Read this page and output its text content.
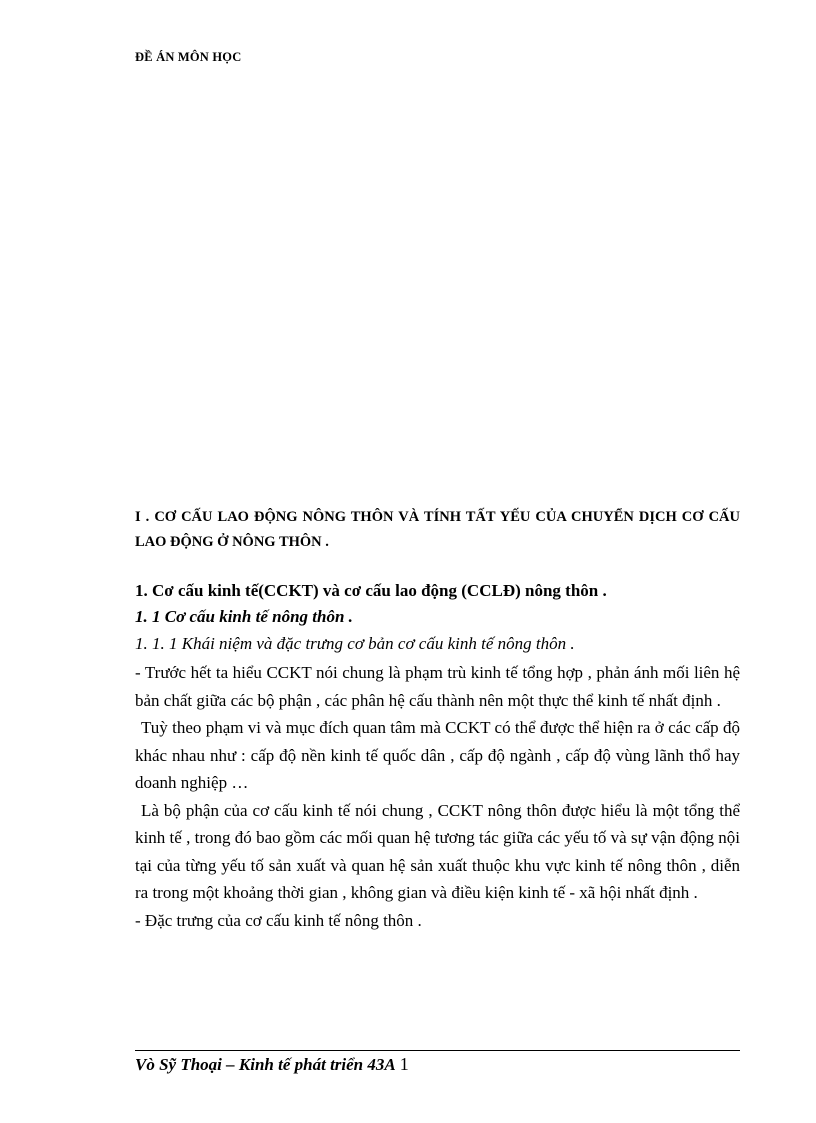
ĐỀ ÁN MÔN HỌC
I . CƠ CẤU LAO ĐỘNG NÔNG THÔN VÀ TÍNH TẤT YẾU CỦA CHUYỂN DỊCH CƠ CẤU LAO ĐỘNG Ở NÔNG THÔN .
1. Cơ cấu kinh tế(CCKT) và cơ cấu lao động (CCLĐ) nông thôn .
1. 1 Cơ cấu kinh tế nông thôn .
1. 1. 1 Khái niệm và đặc trưng cơ bản cơ cấu kinh tế nông thôn .

- Trước hết ta hiểu CCKT nói chung là phạm trù kinh tế tổng hợp , phản ánh mối liên hệ bản chất giữa các bộ phận , các phân hệ cấu thành nên một thực thể kinh tế nhất định .

Tuỳ theo phạm vi và mục đích quan tâm mà CCKT có thể được thể hiện ra ở các cấp độ khác nhau như : cấp độ nền kinh tế quốc dân , cấp độ ngành , cấp độ vùng lãnh thổ hay doanh nghiệp …

Là bộ phận của cơ cấu kinh tế nói chung , CCKT nông thôn được hiểu là một tổng thể kinh tế , trong đó bao gồm các mối quan hệ tương tác giữa các yếu tố và sự vận động nội tại của từng yếu tố sản xuất và quan hệ sản xuất thuộc khu vực kinh tế nông thôn , diễn ra trong một khoảng thời gian , không gian và điều kiện kinh tế - xã hội nhất định .

- Đặc trưng của cơ cấu kinh tế nông thôn .

Vò Sỹ Thoại – Kinh tế phát triển 43A 1
